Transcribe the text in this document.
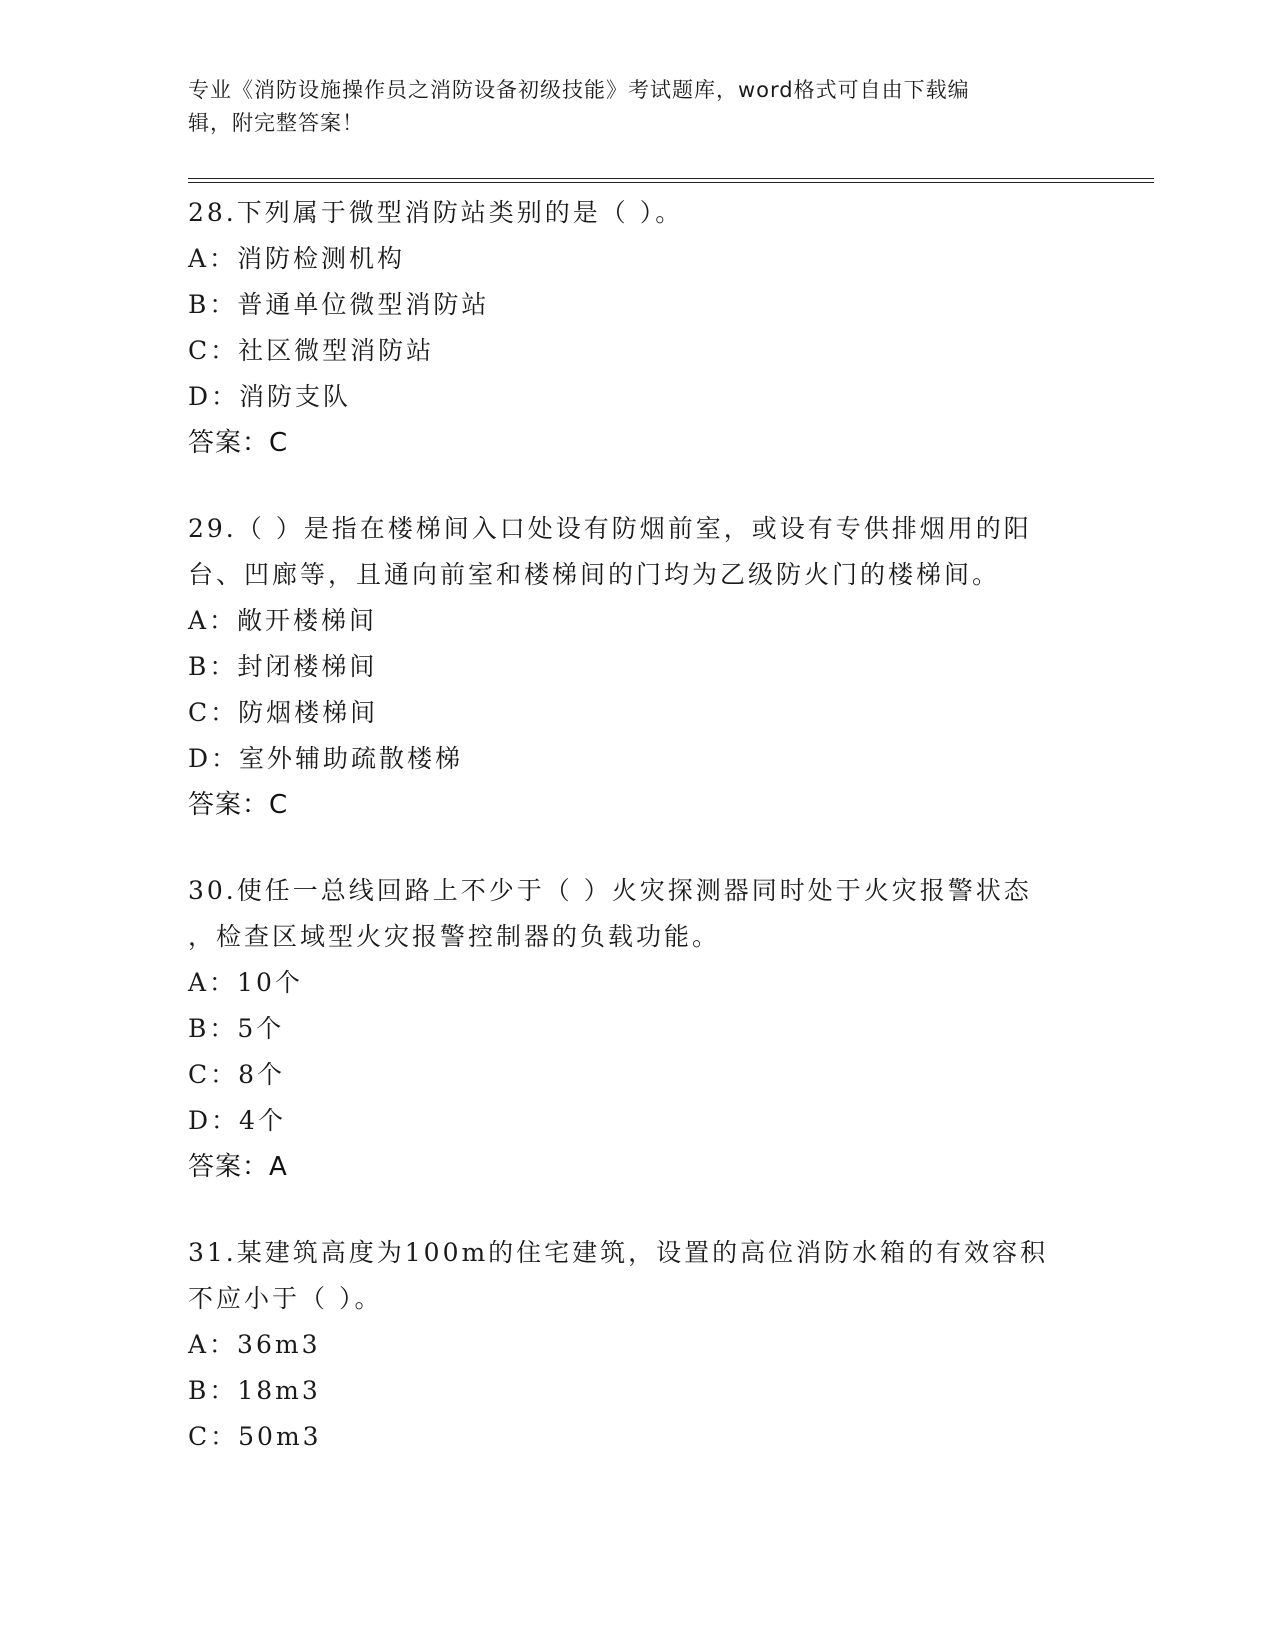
专业《消防设施操作员之消防设备初级技能》考试题库，word格式可自由下载编
辑，附完整答案！
28.下列属于微型消防站类别的是（ ）。
A：消防检测机构
B：普通单位微型消防站
C：社区微型消防站
D：消防支队
答案：C
29.（ ）是指在楼梯间入口处设有防烟前室，或设有专供排烟用的阳
台、凹廊等，且通向前室和楼梯间的门均为乙级防火门的楼梯间。
A：敞开楼梯间
B：封闭楼梯间
C：防烟楼梯间
D：室外辅助疏散楼梯
答案：C
30.使任一总线回路上不少于（ ）火灾探测器同时处于火灾报警状态
，检查区域型火灾报警控制器的负载功能。
A：10个
B：5个
C：8个
D：4个
答案：A
31.某建筑高度为100m的住宅建筑，设置的高位消防水箱的有效容积
不应小于（ ）。
A：36m3
B：18m3
C：50m3
